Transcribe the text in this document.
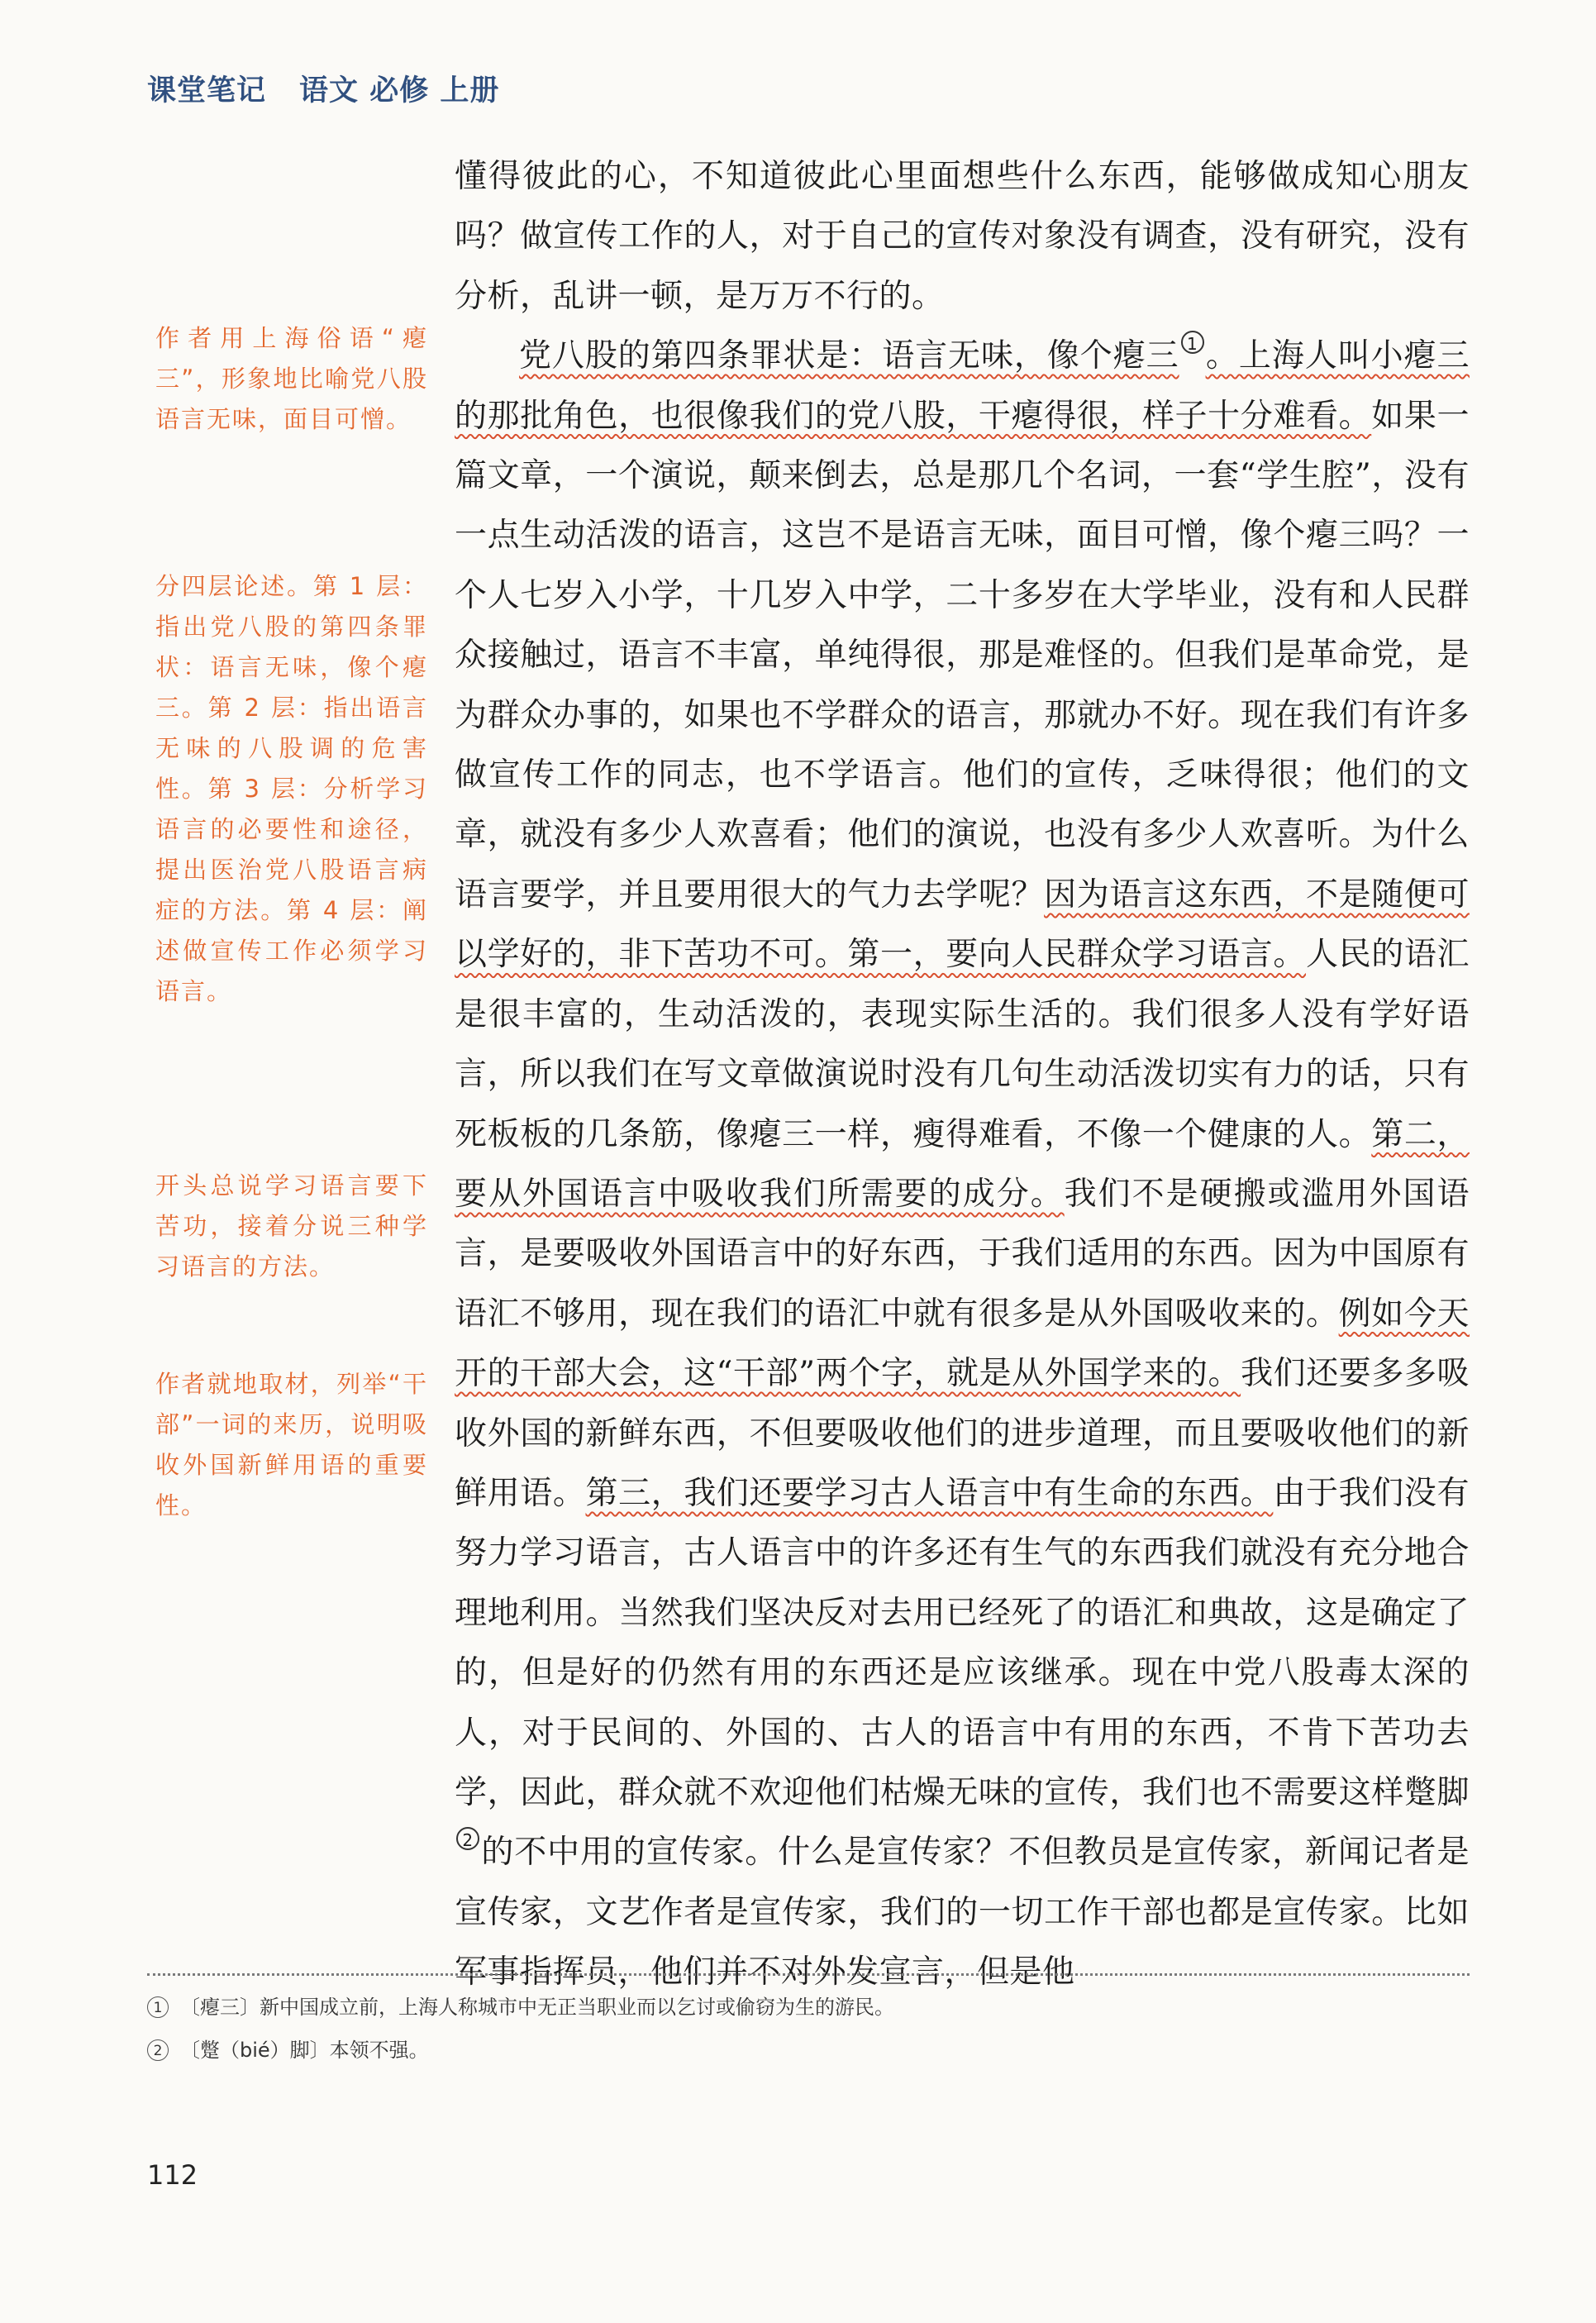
课堂笔记 语文 必修 上册
作者用上海俗语“瘪三”，形象地比喻党八股语言无味，面目可憎。
分四层论述。第 1 层：指出党八股的第四条罪状：语言无味，像个瘪三。第 2 层：指出语言无味的八股调的危害性。第 3 层：分析学习语言的必要性和途径，提出医治党八股语言病症的方法。第 4 层：阐述做宣传工作必须学习语言。
开头总说学习语言要下苦功，接着分说三种学习语言的方法。
作者就地取材，列举“干部”一词的来历，说明吸收外国新鲜用语的重要性。

懂得彼此的心，不知道彼此心里面想些什么东西，能够做成知心朋友吗？做宣传工作的人，对于自己的宣传对象没有调查，没有研究，没有分析，乱讲一顿，是万万不行的。

党八股的第四条罪状是：语言无味，像个瘪三 1 。上海人叫小瘪三的那批角色，也很像我们的党八股，干瘪得很，样子十分难看。如果一篇文章，一个演说，颠来倒去，总是那几个名词，一套“学生腔”，没有一点生动活泼的语言，这岂不是语言无味，面目可憎，像个瘪三吗？一个人七岁入小学，十几岁入中学，二十多岁在大学毕业，没有和人民群众接触过，语言不丰富，单纯得很，那是难怪的。但我们是革命党，是为群众办事的，如果也不学群众的语言，那就办不好。现在我们有许多做宣传工作的同志，也不学语言。他们的宣传，乏味得很；他们的文章，就没有多少人欢喜看；他们的演说，也没有多少人欢喜听。为什么语言要学，并且要用很大的气力去学呢？因为语言这东西，不是随便可以学好的，非下苦功不可。第一，要向人民群众学习语言。人民的语汇是很丰富的，生动活泼的，表现实际生活的。我们很多人没有学好语言，所以我们在写文章做演说时没有几句生动活泼切实有力的话，只有死板板的几条筋，像瘪三一样，瘦得难看，不像一个健康的人。第二，要从外国语言中吸收我们所需要的成分。我们不是硬搬或滥用外国语言，是要吸收外国语言中的好东西，于我们适用的东西。因为中国原有语汇不够用，现在我们的语汇中就有很多是从外国吸收来的。例如今天开的干部大会，这“干部”两个字，就是从外国学来的。我们还要多多吸收外国的新鲜东西，不但要吸收他们的进步道理，而且要吸收他们的新鲜用语。第三，我们还要学习古人语言中有生命的东西。由于我们没有努力学习语言，古人语言中的许多还有生气的东西我们就没有充分地合理地利用。当然我们坚决反对去用已经死了的语汇和典故，这是确定了的，但是好的仍然有用的东西还是应该继承。现在中党八股毒太深的人，对于民间的、外国的、古人的语言中有用的东西，不肯下苦功去学，因此，群众就不欢迎他们枯燥无味的宣传，我们也不需要这样蹩脚2 的不中用的宣传家。什么是宣传家？不但教员是宣传家，新闻记者是宣传家，文艺作者是宣传家，我们的一切工作干部也都是宣传家。比如军事指挥员，他们并不对外发宣言，但是他

1 〔瘪三〕新中国成立前，上海人称城市中无正当职业而以乞讨或偷窃为生的游民。
2 〔蹩（bié）脚〕本领不强。
112
